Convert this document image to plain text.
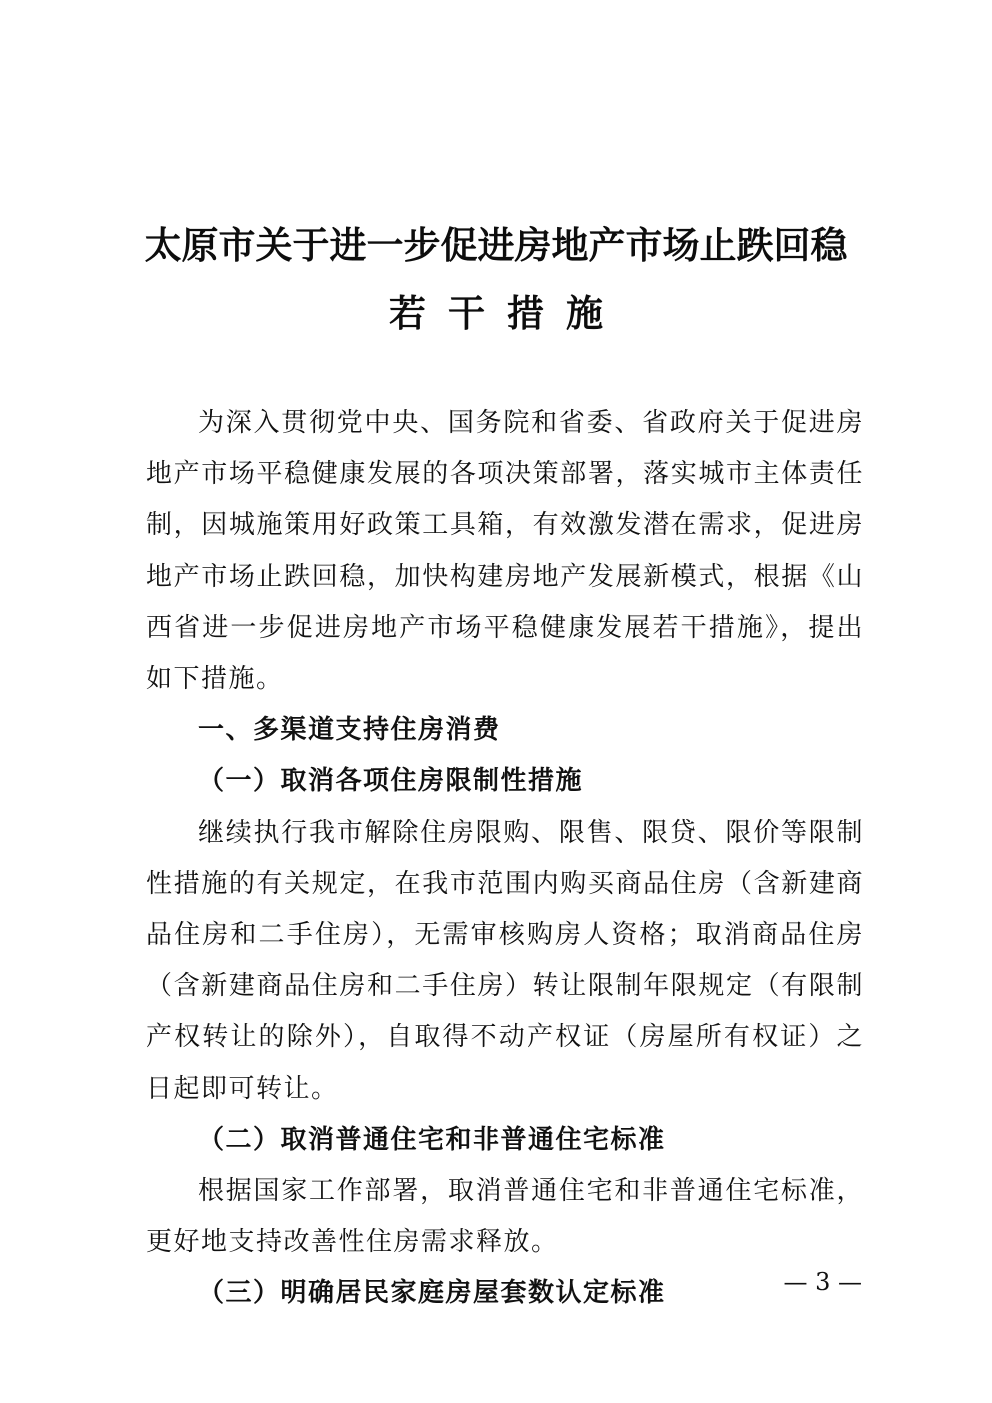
太原市关于进一步促进房地产市场止跌回稳
若干措施

为深入贯彻党中央、国务院和省委、省政府关于促进房地产市场平稳健康发展的各项决策部署，落实城市主体责任制，因城施策用好政策工具箱，有效激发潜在需求，促进房地产市场止跌回稳，加快构建房地产发展新模式，根据《山西省进一步促进房地产市场平稳健康发展若干措施》，提出如下措施。

一、多渠道支持住房消费

（一）取消各项住房限制性措施

继续执行我市解除住房限购、限售、限贷、限价等限制性措施的有关规定，在我市范围内购买商品住房（含新建商品住房和二手住房），无需审核购房人资格；取消商品住房（含新建商品住房和二手住房）转让限制年限规定（有限制产权转让的除外），自取得不动产权证（房屋所有权证）之日起即可转让。

（二）取消普通住宅和非普通住宅标准

根据国家工作部署，取消普通住宅和非普通住宅标准，更好地支持改善性住房需求释放。

（三）明确居民家庭房屋套数认定标准	— 3 —
